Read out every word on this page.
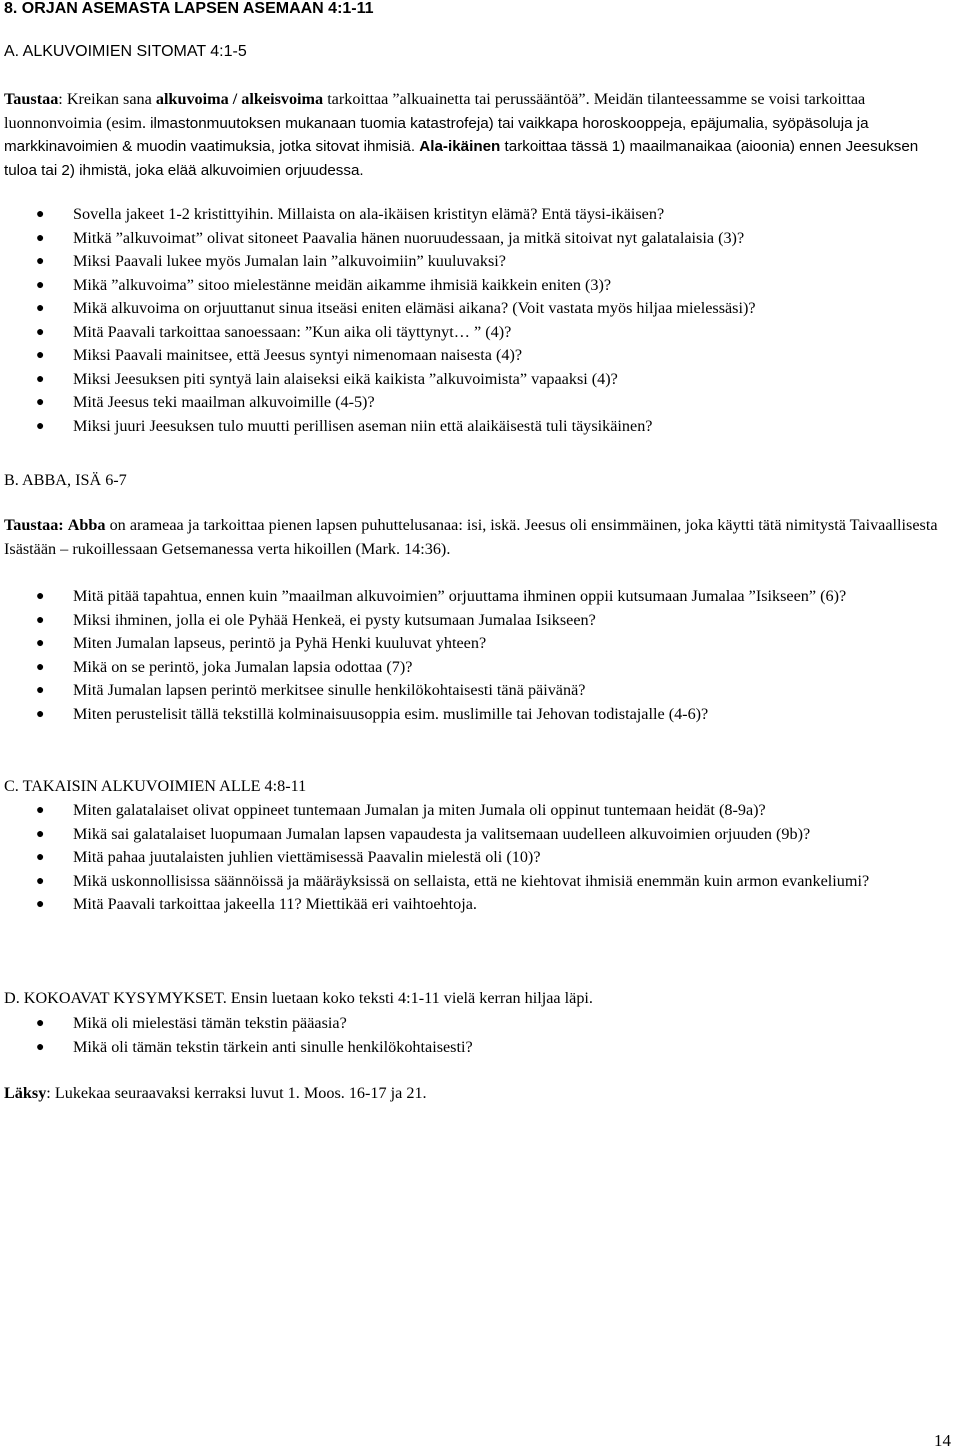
8. ORJAN ASEMASTA LAPSEN ASEMAAN 4:1-11
A. ALKUVOIMIEN SITOMAT 4:1-5
Taustaa: Kreikan sana alkuvoima / alkeisvoima tarkoittaa ”alkuainetta tai perussääntöä”. Meidän tilanteessamme se voisi tarkoittaa luonnonvoimia (esim. ilmastonmuutoksen mukanaan tuomia katastrofeja) tai vaikkapa horoskooppeja, epäjumalia, syöpäsoluja ja markkinavoimien & muodin vaatimuksia, jotka sitovat ihmisiä. Ala-ikäinen tarkoittaa tässä 1) maailmanaikaa (aioonia) ennen Jeesuksen tuloa tai 2) ihmistä, joka elää alkuvoimien orjuudessa.
● Sovella jakeet 1-2 kristittyihin. Millaista on ala-ikäisen kristityn elämä? Entä täysi-ikäisen?
● Mitkä ”alkuvoimat” olivat sitoneet Paavalia hänen nuoruudessaan, ja mitkä sitoivat nyt galatalaisia (3)?
● Miksi Paavali lukee myös Jumalan lain ”alkuvoimiin” kuuluvaksi?
● Mikä ”alkuvoima” sitoo mielestänne meidän aikamme ihmisiä kaikkein eniten (3)?
● Mikä alkuvoima on orjuuttanut sinua itseäsi eniten elämäsi aikana? (Voit vastata myös hiljaa mielessäsi)?
● Mitä Paavali tarkoittaa sanoessaan: ”Kun aika oli täyttynyt… ” (4)?
● Miksi Paavali mainitsee, että Jeesus syntyi nimenomaan naisesta (4)?
● Miksi Jeesuksen piti syntyä lain alaiseksi eikä kaikista ”alkuvoimista” vapaaksi (4)?
● Mitä Jeesus teki maailman alkuvoimille (4-5)?
● Miksi juuri Jeesuksen tulo muutti perillisen aseman niin että alaikäisestä tuli täysikäinen?
B. ABBA, ISÄ 6-7
Taustaa: Abba on arameaa ja tarkoittaa pienen lapsen puhuttelusanaa: isi, iskä. Jeesus oli ensimmäinen, joka käytti tätä nimitystä Taivaallisesta Isästään – rukoillessaan Getsemanessa verta hikoillen (Mark. 14:36).
● Mitä pitää tapahtua, ennen kuin ”maailman alkuvoimien” orjuuttama ihminen oppii kutsumaan Jumalaa ”Isikseen” (6)?
● Miksi ihminen, jolla ei ole Pyhää Henkeä, ei pysty kutsumaan Jumalaa Isikseen?
● Miten Jumalan lapseus, perintö ja Pyhä Henki kuuluvat yhteen?
● Mikä on se perintö, joka Jumalan lapsia odottaa (7)?
● Mitä Jumalan lapsen perintö merkitsee sinulle henkilökohtaisesti tänä päivänä?
● Miten perustelisit tällä tekstillä kolminaisuusoppia esim. muslimille tai Jehovan todistajalle (4-6)?
C. TAKAISIN ALKUVOIMIEN ALLE 4:8-11
● Miten galatalaiset olivat oppineet tuntemaan Jumalan ja miten Jumala oli oppinut tuntemaan heidät (8-9a)?
● Mikä sai galatalaiset luopumaan Jumalan lapsen vapaudesta ja valitsemaan uudelleen alkuvoimien orjuuden (9b)?
● Mitä pahaa juutalaisten juhlien viettämisessä Paavalin mielestä oli (10)?
● Mikä uskonnollisissa säännöissä ja määräyksissä on sellaista, että ne kiehtovat ihmisiä enemmän kuin armon evankeliumi?
● Mitä Paavali tarkoittaa jakeella 11? Miettikää eri vaihtoehtoja.
D. KOKOAVAT KYSYMYKSET. Ensin luetaan koko teksti 4:1-11 vielä kerran hiljaa läpi.
● Mikä oli mielestäsi tämän tekstin pääasia?
● Mikä oli tämän tekstin tärkein anti sinulle henkilökohtaisesti?
Läksy: Lukekaa seuraavaksi kerraksi luvut 1. Moos. 16-17 ja 21.
14
